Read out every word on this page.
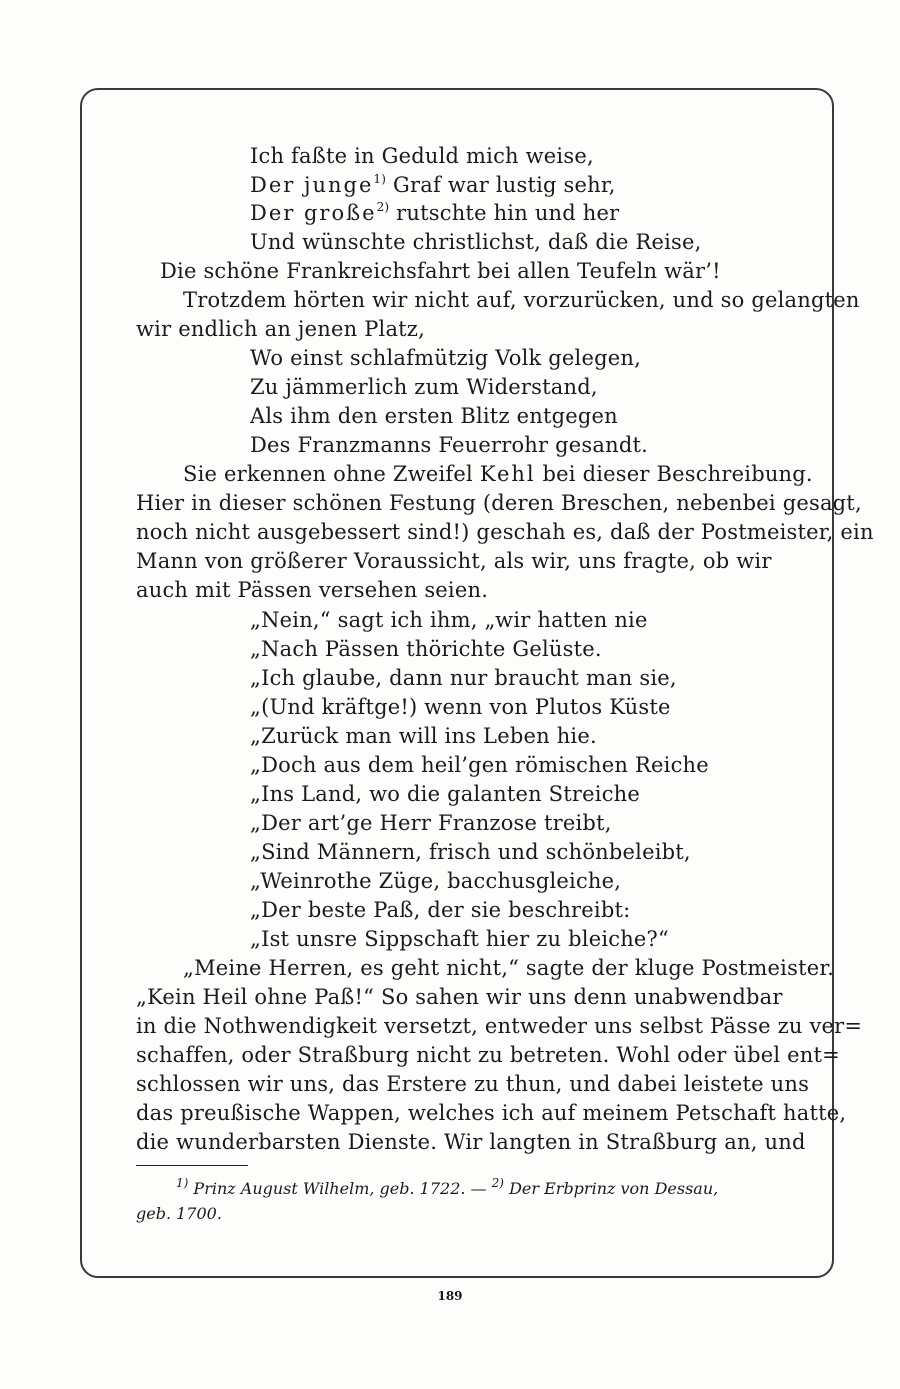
Ich faßte in Geduld mich weise,
Der junge$^{1)}$ Graf war lustig sehr,
Der große$^{2)}$ rutschte hin und her
Und wünschte christlichst, daß die Reise,
Die schöne Frankreichsfahrt bei allen Teufeln wär’!
Trotzdem hörten wir nicht auf, vorzurücken, und so gelangten
wir endlich an jenen Platz,
Wo einst schlafmützig Volk gelegen,
Zu jämmerlich zum Widerstand,
Als ihm den ersten Blitz entgegen
Des Franzmanns Feuerrohr gesandt.
Sie erkennen ohne Zweifel Kehl bei dieser Beschreibung.
Hier in dieser schönen Festung (deren Breschen, nebenbei gesagt,
noch nicht ausgebessert sind!) geschah es, daß der Postmeister, ein
Mann von größerer Voraussicht, als wir, uns fragte, ob wir
auch mit Pässen versehen seien.
„Nein,“ sagt ich ihm, „wir hatten nie
„Nach Pässen thörichte Gelüste.
„Ich glaube, dann nur braucht man sie,
„(Und kräftge!) wenn von Plutos Küste
„Zurück man will ins Leben hie.
„Doch aus dem heil’gen römischen Reiche
„Ins Land, wo die galanten Streiche
„Der art’ge Herr Franzose treibt,
„Sind Männern, frisch und schönbeleibt,
„Weinrothe Züge, bacchusgleiche,
„Der beste Paß, der sie beschreibt:
„Ist unsre Sippschaft hier zu bleiche?“
„Meine Herren, es geht nicht,“ sagte der kluge Postmeister.
„Kein Heil ohne Paß!“ So sahen wir uns denn unabwendbar
in die Nothwendigkeit versetzt, entweder uns selbst Pässe zu ver=
schaffen, oder Straßburg nicht zu betreten. Wohl oder übel ent=
schlossen wir uns, das Erstere zu thun, und dabei leistete uns
das preußische Wappen, welches ich auf meinem Petschaft hatte,
die wunderbarsten Dienste. Wir langten in Straßburg an, und
$^{1)}$ Prinz August Wilhelm, geb. 1722. — $^{2)}$ Der Erbprinz von Dessau,
geb. 1700.
189
